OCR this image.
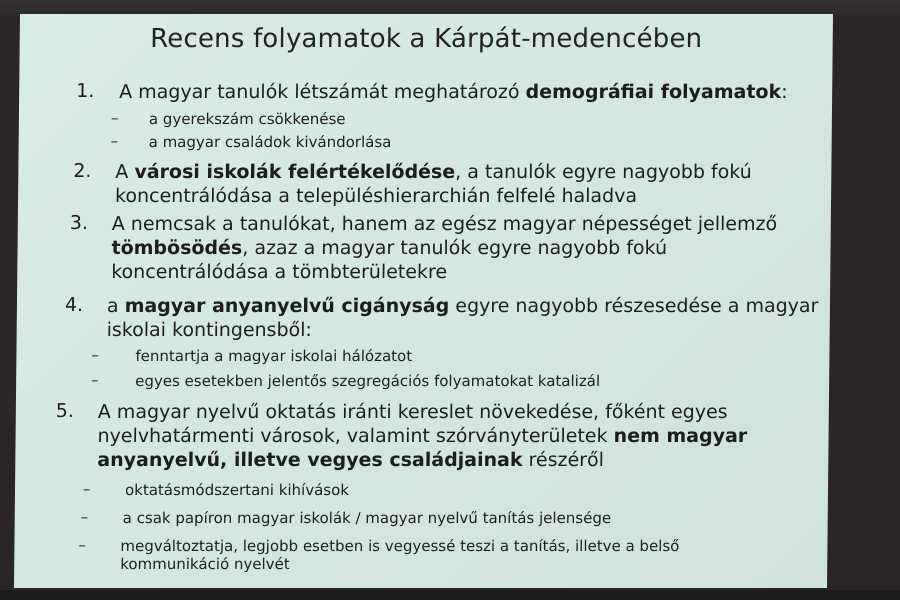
Recens folyamatok a Kárpát-medencében
1. A magyar tanulók létszámát meghatározó demográfiai folyamatok:
– a gyerekszám csökkenése
– a magyar családok kivándorlása
2. A városi iskolák felértékelődése, a tanulók egyre nagyobb fokú
koncentrálódása a településhierarchián felfelé haladva
3. A nemcsak a tanulókat, hanem az egész magyar népességet jellemző
tömbösödés, azaz a magyar tanulók egyre nagyobb fokú
koncentrálódása a tömbterületekre
4. a magyar anyanyelvű cigányság egyre nagyobb részesedése a magyar
iskolai kontingensből:
– fenntartja a magyar iskolai hálózatot
– egyes esetekben jelentős szegregációs folyamatokat katalizál
5. A magyar nyelvű oktatás iránti kereslet növekedése, főként egyes
nyelvhatármenti városok, valamint szórványterületek nem magyar
anyanyelvű, illetve vegyes családjainak részéről
– oktatásmódszertani kihívások
– a csak papíron magyar iskolák / magyar nyelvű tanítás jelensége
– megváltoztatja, legjobb esetben is vegyessé teszi a tanítás, illetve a belső
kommunikáció nyelvét
